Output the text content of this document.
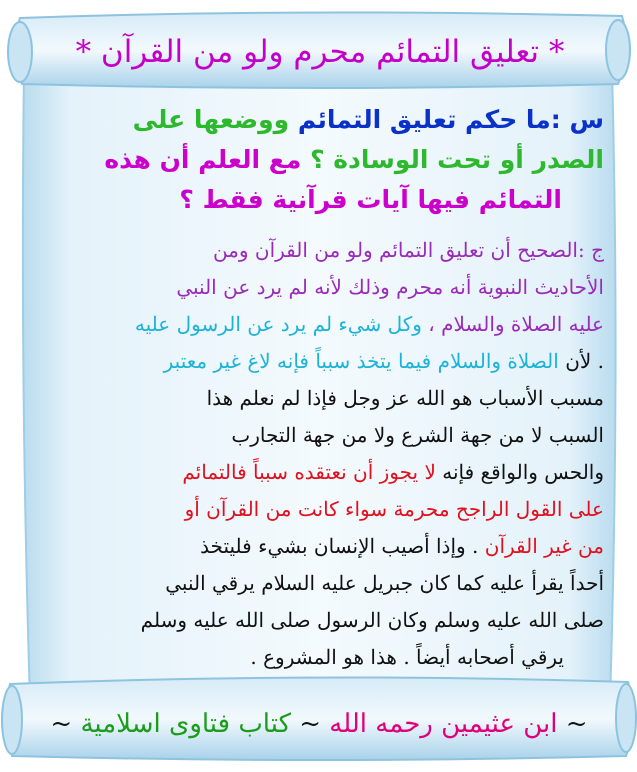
* تعليق التمائم محرم ولو من القرآن *
س :ما حكم تعليق التمائم ووضعها على
الصدر أو تحت الوسادة ؟ مع العلم أن هذه
التمائم فيها آيات قرآنية فقط ؟
ج :الصحيح أن تعليق التمائم ولو من القرآن ومن
الأحاديث النبوية أنه محرم وذلك لأنه لم يرد عن النبي
عليه الصلاة والسلام ، وكل شيء لم يرد عن الرسول عليه
. لأن الصلاة والسلام فيما يتخذ سبباً فإنه لاغ غير معتبر
مسبب الأسباب هو الله عز وجل فإذا لم نعلم هذا
السبب لا من جهة الشرع ولا من جهة التجارب
والحس والواقع فإنه لا يجوز أن نعتقده سبباً فالتمائم
على القول الراجح محرمة سواء كانت من القرآن أو
من غير القرآن . وإذا أصيب الإنسان بشيء فليتخذ
أحداً يقرأ عليه كما كان جبريل عليه السلام يرقي النبي
صلى الله عليه وسلم وكان الرسول صلى الله عليه وسلم
يرقي أصحابه أيضاً . هذا هو المشروع .
~ ابن عثيمين رحمه الله ~ كتاب فتاوى اسلامية ~
